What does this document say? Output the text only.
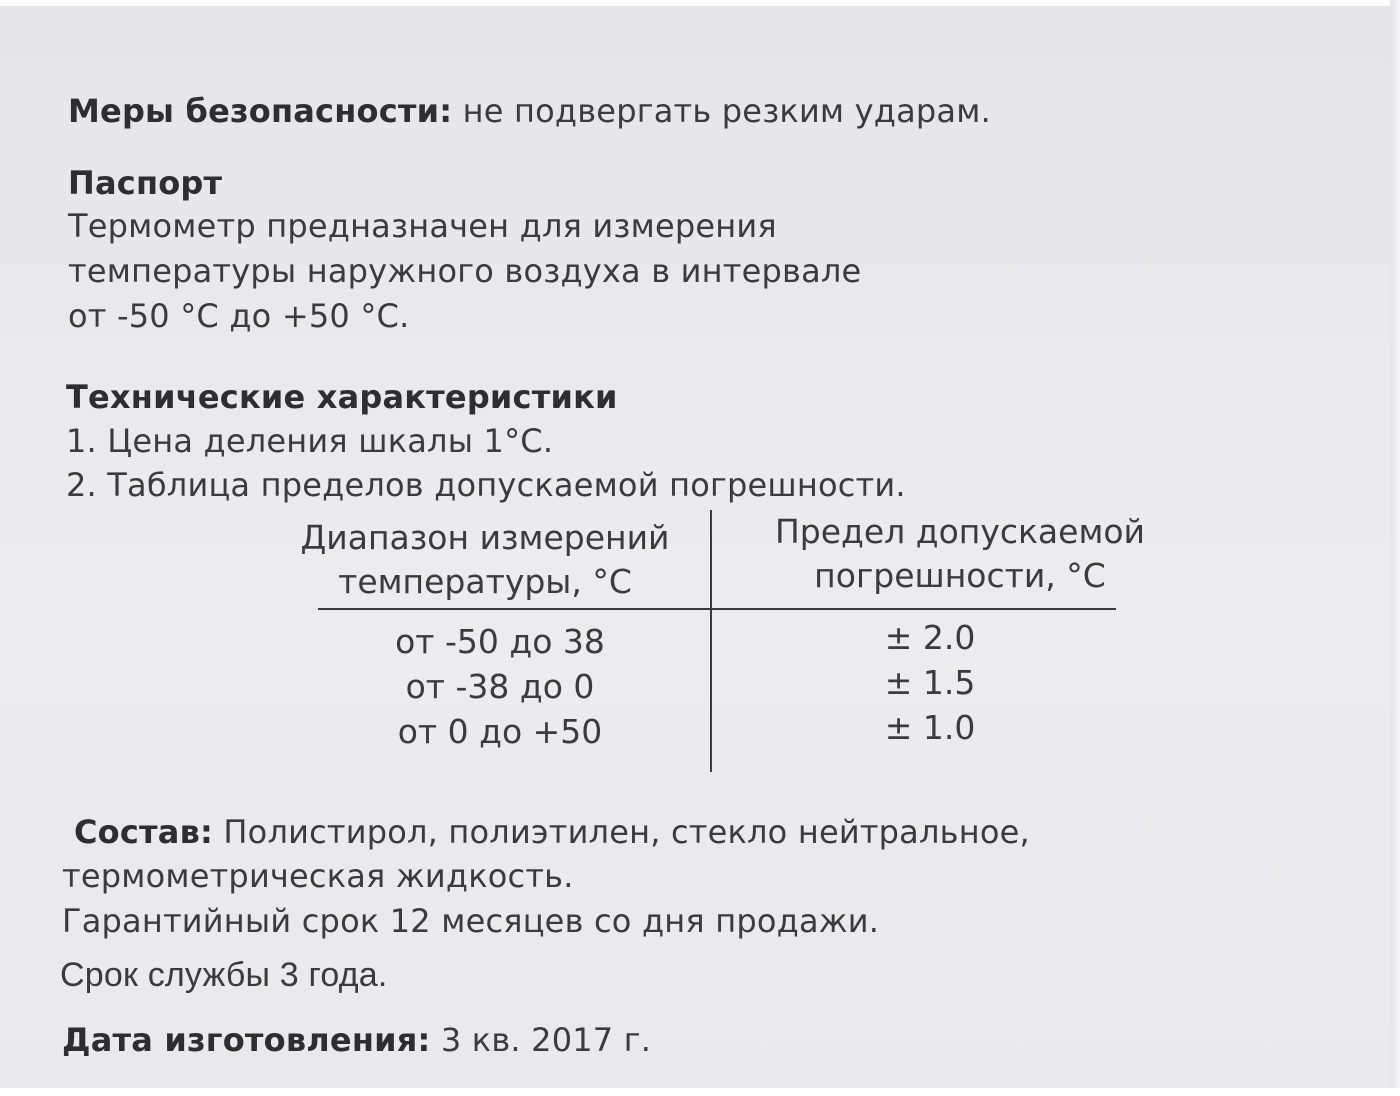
Меры безопасности: не подвергать резким ударам.
Паспорт
Термометр предназначен для измерения
температуры наружного воздуха в интервале
от -50 °С до +50 °С.
Технические характеристики
1. Цена деления шкалы 1°С.
2. Таблица пределов допускаемой погрешности.
Диапазон измерений
температуры, °С
Предел допускаемой
погрешности, °С
от -50 до 38
от -38 до 0
от 0 до +50
± 2.0
± 1.5
± 1.0
Состав: Полистирол, полиэтилен, стекло нейтральное,
термометрическая жидкость.
Гарантийный срок 12 месяцев со дня продажи.
Срок службы 3 года.
Дата изготовления: 3 кв. 2017 г.
